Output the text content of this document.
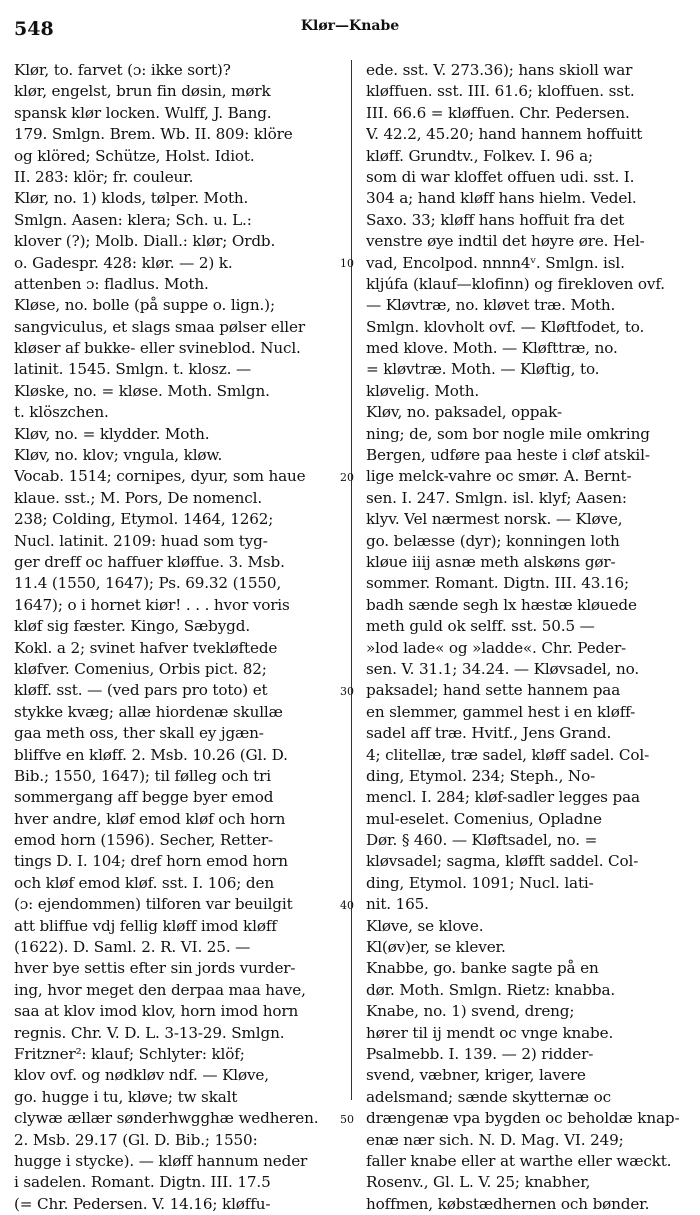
548	Klør—Knabe
Klør, to. farvet (ɔ: ikke sort)?
klør, engelst, brun fin døsin, mørk
spansk klør locken. Wulff, J. Bang.
179. Smlgn. Brem. Wb. II. 809: klöre
og klöred; Schütze, Holst. Idiot.
II. 283: klör; fr. couleur.
Klør, no. 1) klods, tølper. Moth.
Smlgn. Aasen: klera; Sch. u. L.:
klover (?); Molb. Diall.: klør; Ordb.
o. Gadespr. 428: klør. — 2) k.
attenben ɔ: fladlus. Moth.
Kløse, no. bolle (på suppe o. lign.);
sangviculus, et slags smaa pølser eller
kløser af bukke- eller svineblod. Nucl.
latinit. 1545. Smlgn. t. klosz. —
Kløske, no. = kløse. Moth. Smlgn.
t. klöszchen.
Kløv, no. = klydder. Moth.
Kløv, no. klov; vngula, kløw.
Vocab. 1514; cornipes, dyur, som haue
klaue. sst.; M. Pors, De nomencl.
238; Colding, Etymol. 1464, 1262;
Nucl. latinit. 2109: huad som tyg-
ger dreff oc haffuer kløffue. 3. Msb.
11.4 (1550, 1647); Ps. 69.32 (1550,
1647); o i hornet kiør! . . . hvor voris
kløf sig fæster. Kingo, Sæbygd.
Kokl. a 2; svinet hafver tvekløftede
kløfver. Comenius, Orbis pict. 82;
kløff. sst. — (ved pars pro toto) et
stykke kvæg; allæ hiordenæ skullæ
gaa meth oss, ther skall ey jgæn-
bliffve en kløff. 2. Msb. 10.26 (Gl. D.
Bib.; 1550, 1647); til følleg och tri
sommergang aff begge byer emod
hver andre, kløf emod kløf och horn
emod horn (1596). Secher, Retter-
tings D. I. 104; dref horn emod horn
och kløf emod kløf. sst. I. 106; den
(ɔ: ejendommen) tilforen var beuilgit
att bliffue vdj fellig kløff imod kløff
(1622). D. Saml. 2. R. VI. 25. —
hver bye settis efter sin jords vurder-
ing, hvor meget den derpaa maa have,
saa at klov imod klov, horn imod horn
regnis. Chr. V. D. L. 3-13-29. Smlgn.
Fritzner²: klauf; Schlyter: klöf;
klov ovf. og nødkløv ndf. — Kløve,
go. hugge i tu, kløve; tw skalt
clywæ ællær sønderhwgghæ wedheren.
2. Msb. 29.17 (Gl. D. Bib.; 1550:
hugge i stycke). — kløff hannum neder
i sadelen. Romant. Digtn. III. 17.5
(= Chr. Pedersen. V. 14.16; kløffu-
ede. sst. V. 273.36); hans skioll war
kløffuen. sst. III. 61.6; kloffuen. sst.
III. 66.6 = kløffuen. Chr. Pedersen.
V. 42.2, 45.20; hand hannem hoffuitt
kløff. Grundtv., Folkev. I. 96 a;
som di war kloffet offuen udi. sst. I.
304 a; hand kløff hans hielm. Vedel.
Saxo. 33; kløff hans hoffuit fra det
venstre øye indtil det høyre øre. Hel-
vad, Encolpod. nnnn4ᵛ. Smlgn. isl.
kljúfa (klauf—klofinn) og firekloven ovf.
— Kløvtræ, no. kløvet træ. Moth.
Smlgn. klovholt ovf. — Kløftfodet, to.
med klove. Moth. — Kløfttræ, no.
= kløvtræ. Moth. — Kløftig, to.
kløvelig. Moth.
Kløv, no. paksadel, oppak-
ning; de, som bor nogle mile omkring
Bergen, udføre paa heste i cløf atskil-
lige melck-vahre oc smør. A. Bernt-
sen. I. 247. Smlgn. isl. klyf; Aasen:
klyv. Vel nærmest norsk. — Kløve,
go. belæsse (dyr); konningen loth
kløue iiij asnæ meth alskøns gør-
sommer. Romant. Digtn. III. 43.16;
badh sænde segh lx hæstæ kløuede
meth guld ok selff. sst. 50.5 —
»lod lade« og »ladde«. Chr. Peder-
sen. V. 31.1; 34.24. — Kløvsadel, no.
paksadel; hand sette hannem paa
en slemmer, gammel hest i en kløff-
sadel aff træ. Hvitf., Jens Grand.
4; clitellæ, træ sadel, kløff sadel. Col-
ding, Etymol. 234; Steph., No-
mencl. I. 284; kløf-sadler legges paa
mul-eselet. Comenius, Opladne
Dør. § 460. — Kløftsadel, no. =
kløvsadel; sagma, kløfft saddel. Col-
ding, Etymol. 1091; Nucl. lati-
nit. 165.
Kløve, se klove.
Kl(øv)er, se klever.
Knabbe, go. banke sagte på en
dør. Moth. Smlgn. Rietz: knabba.
Knabe, no. 1) svend, dreng;
hører til ij mendt oc vnge knabe.
Psalmebb. I. 139. — 2) ridder-
svend, væbner, kriger, lavere
adelsmand; sænde skytternæ oc
drængenæ vpa bygden oc beholdæ knap-
enæ nær sich. N. D. Mag. VI. 249;
faller knabe eller at warthe eller wæckt.
Rosenv., Gl. L. V. 25; knabher,
hoffmen, købstædhernen och bønder.
10
20
30
40
50
